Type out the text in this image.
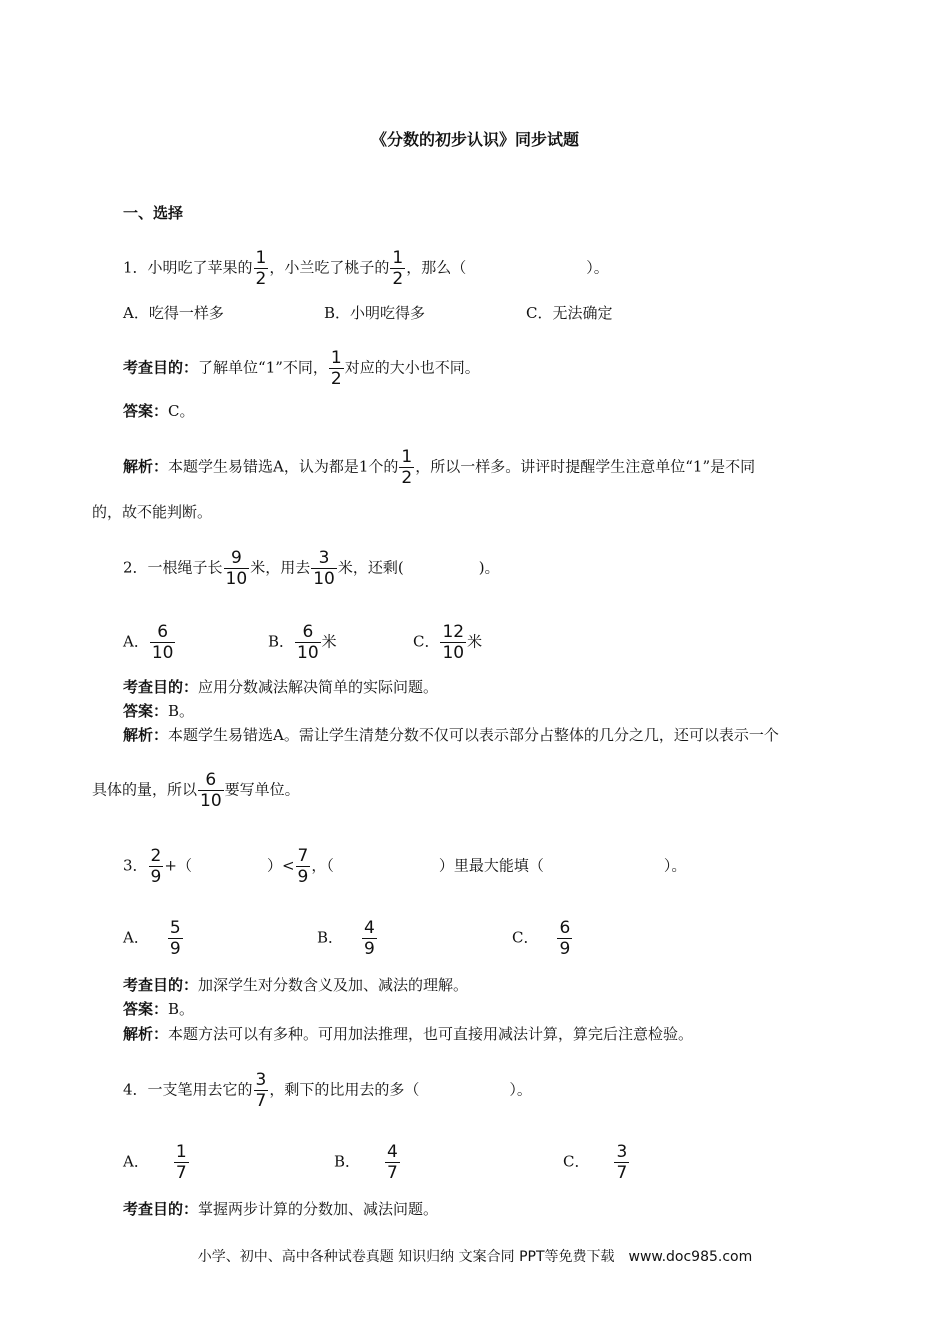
《分数的初步认识》同步试题
一、选择
1．小明吃了苹果的 $\frac{1}{2}$ ，小兰吃了桃子的 $\frac{1}{2}$ ，那么（　　　　　　　　）。
A．吃得一样多	B．小明吃得多	C．无法确定
考查目的：了解单位“1”不同， $\frac{1}{2}$ 对应的大小也不同。
答案：C。
解析：本题学生易错选A，认为都是1个的 $\frac{1}{2}$ ，所以一样多。讲评时提醒学生注意单位“1”是不同
的，故不能判断。
2．一根绳子长 $\frac{9}{10}$ 米，用去 $\frac{3}{10}$ 米，还剩(　　　　　)。
A． $\frac{6}{10}$	B． $\frac{6}{10}$ 米	C． $\frac{12}{10}$ 米
考查目的：应用分数减法解决简单的实际问题。
答案：B。
解析：本题学生易错选A。需让学生清楚分数不仅可以表示部分占整体的几分之几，还可以表示一个
具体的量，所以 $\frac{6}{10}$ 要写单位。
3． $\frac{2}{9}$ +（　　　　　）< $\frac{7}{9}$ ，（　　　　　　　）里最大能填（　　　　　　　　）。
A． $\frac{5}{9}$	B． $\frac{4}{9}$	C． $\frac{6}{9}$
考查目的：加深学生对分数含义及加、减法的理解。
答案：B。
解析：本题方法可以有多种。可用加法推理，也可直接用减法计算，算完后注意检验。
4．一支笔用去它的 $\frac{3}{7}$ ，剩下的比用去的多（　　　　　　）。
A． $\frac{1}{7}$	B． $\frac{4}{7}$	C． $\frac{3}{7}$
考查目的：掌握两步计算的分数加、减法问题。
小学、初中、高中各种试卷真题 知识归纳 文案合同 PPT等免费下载　www.doc985.com
